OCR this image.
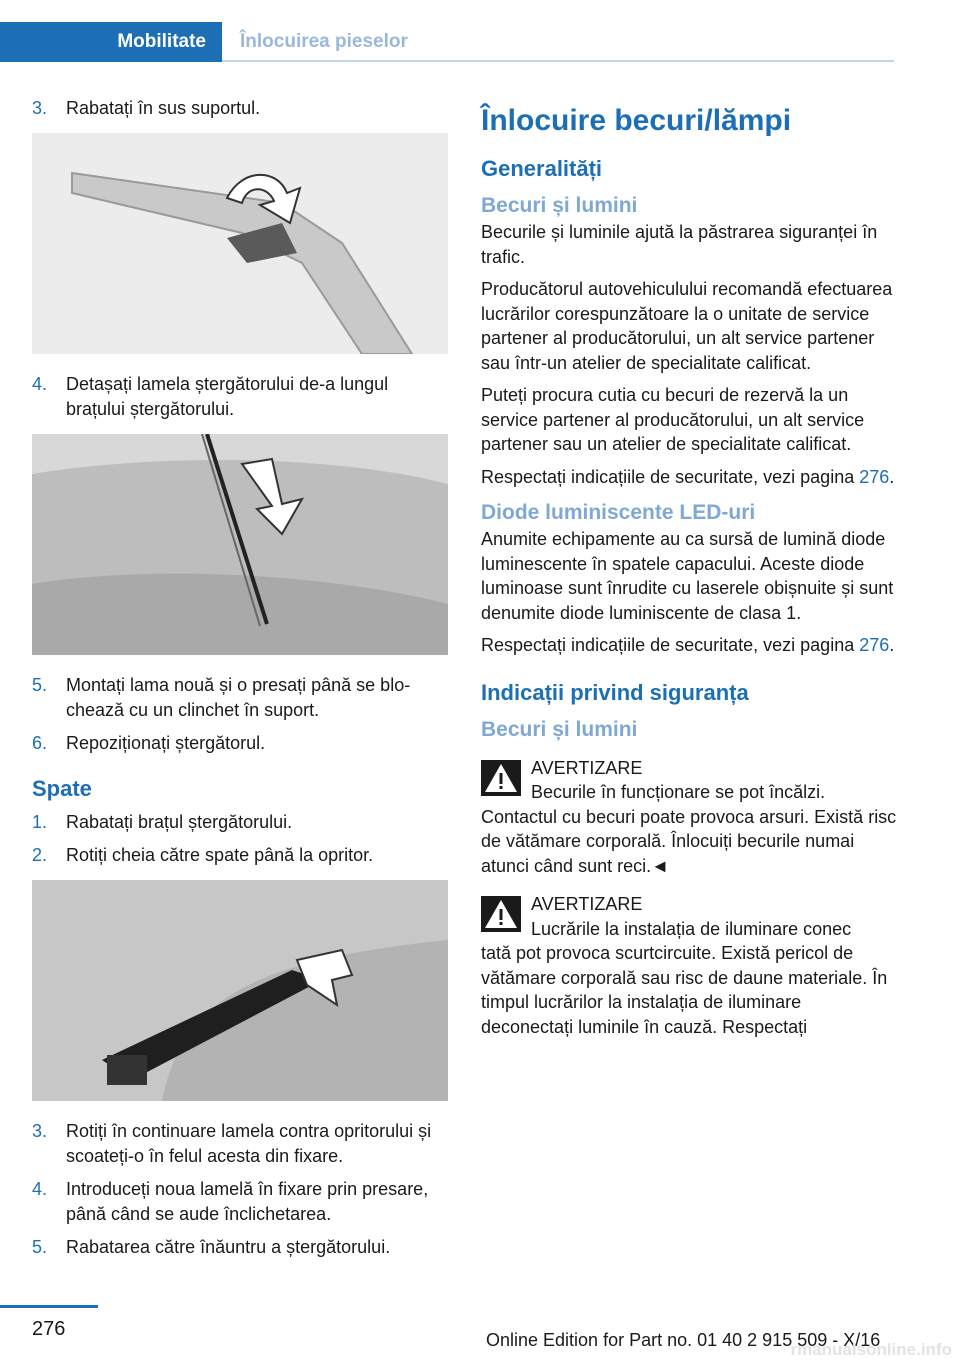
Mobilitate Înlocuirea pieselor
3.	Rabatați în sus suportul.
4.	Detașați lamela ștergătorului de-a lungul brațului ștergătorului.
5.	Montați lama nouă și o presați până se blochează cu un clinchet în suport.
6.	Repoziționați ștergătorul.
Spate
1.	Rabatați brațul ștergătorului.
2.	Rotiți cheia către spate până la opritor.
3.	Rotiți în continuare lamela contra opritorului și scoateți-o în felul acesta din fixare.
4.	Introduceți noua lamelă în fixare prin presare, până când se aude înclichetarea.
5.	Rabatarea către înăuntru a ștergătorului.
Înlocuire becuri/lămpi
Generalități
Becuri și lumini

Becurile și luminile ajută la păstrarea siguranței în trafic.

Producătorul autovehiculului recomandă efectuarea lucrărilor corespunzătoare la o unitate de service partener al producătorului, un alt service partener sau într-un atelier de specialitate calificat.

Puteți procura cutia cu becuri de rezervă la un service partener al producătorului, un alt service partener sau un atelier de specialitate calificat.

Respectați indicațiile de securitate, vezi pagina 276.

Diode luminiscente LED-uri

Anumite echipamente au ca sursă de lumină diode luminescente în spatele capacului. Aceste diode luminoase sunt înrudite cu laserele obișnuite și sunt denumite diode luminiscente de clasa 1.

Respectați indicațiile de securitate, vezi pagina 276.

Indicații privind siguranța
Becuri și lumini
AVERTIZARE
Becurile în funcționare se pot încălzi.
Contactul cu becuri poate provoca arsuri. Există risc de vătămare corporală. Înlocuiți becurile numai atunci când sunt reci.◄
AVERTIZARE
Lucrările la instalația de iluminare conec
tată pot provoca scurtcircuite. Există pericol de vătămare corporală sau risc de daune materiale. În timpul lucrărilor la instalația de iluminare deconectați luminile în cauză. Respectați
276	Online Edition for Part no. 01 40 2 915 509 - X/16
rmanualsonline.info
